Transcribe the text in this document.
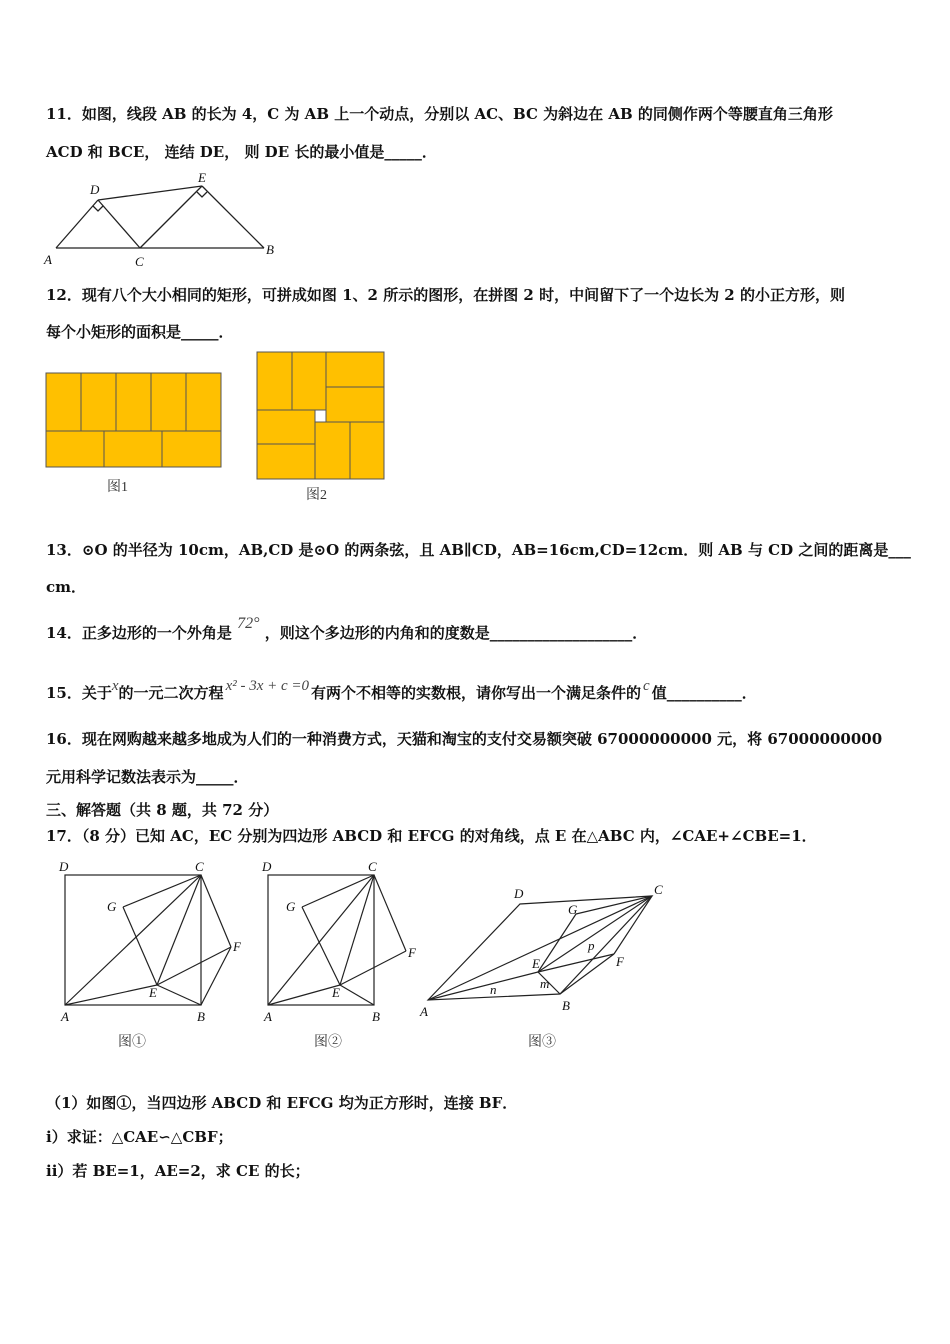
11．如图，线段 AB 的长为 4，C 为 AB 上一个动点，分别以 AC、BC 为斜边在 AB 的同侧作两个等腰直角三角形
ACD 和 BCE， 连结 DE， 则 DE 长的最小值是_____．
A
B
C
D
E
12．现有八个大小相同的矩形，可拼成如图 1、2 所示的图形，在拼图 2 时，中间留下了一个边长为 2 的小正方形，则
每个小矩形的面积是_____．
图1
图2
13．⊙O 的半径为 10cm，AB,CD 是⊙O 的两条弦，且 AB∥CD，AB=16cm,CD=12cm．则 AB 与 CD 之间的距离是___
cm．
14．正多边形的一个外角是 72° ，则这个多边形的内角和的度数是___________________．
15．关于x的一元二次方程 x² - 3x + c =0 有两个不相等的实数根，请你写出一个满足条件的 c 值__________．
16．现在网购越来越多地成为人们的一种消费方式，天猫和淘宝的支付交易额突破 67000000000 元，将 67000000000
元用科学记数法表示为_____．
三、解答题（共 8 题，共 72 分）
17．（8 分）已知 AC，EC 分别为四边形 ABCD 和 EFCG 的对角线，点 E 在△ABC 内，∠CAE+∠CBE=1．
D	C
A	B
G
E
F
图①
D	C
A	B
G
E
F
图②
A	B
C
D
E	F
G
m
n
p
图③
（1）如图①，当四边形 ABCD 和 EFCG 均为正方形时，连接 BF．
i）求证：△CAE∽△CBF；
ii）若 BE=1，AE=2，求 CE 的长；
